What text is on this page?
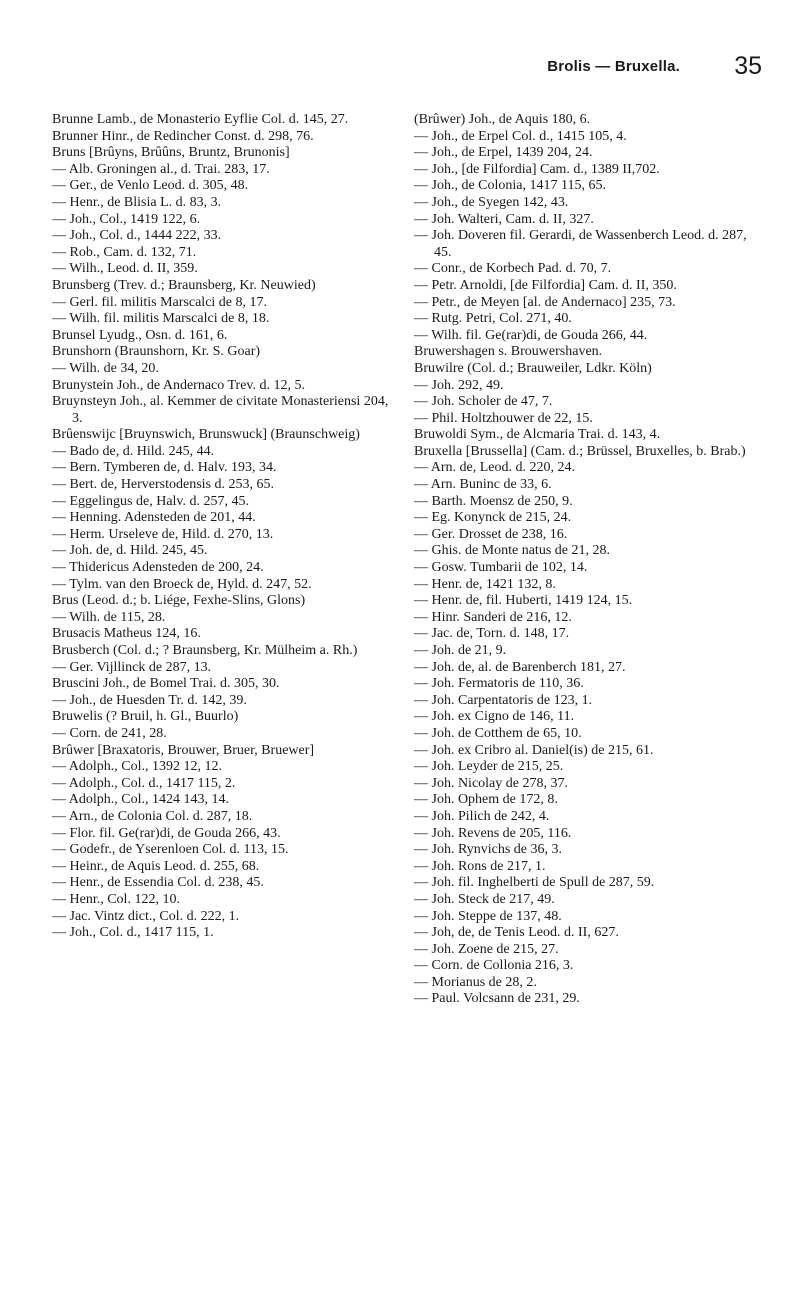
Brolis — Bruxella. 35

Brunne Lamb., de Monasterio Eyflie Col. d. 145, 27.

Brunner Hinr., de Redincher Const. d. 298, 76.

Bruns [Brûyns, Brûûns, Bruntz, Brunonis]

— Alb. Groningen al., d. Trai. 283, 17.

— Ger., de Venlo Leod. d. 305, 48.

— Henr., de Blisia L. d. 83, 3.

— Joh., Col., 1419 122, 6.

— Joh., Col. d., 1444 222, 33.

— Rob., Cam. d. 132, 71.

— Wilh., Leod. d. II, 359.

Brunsberg (Trev. d.; Braunsberg, Kr. Neuwied)

— Gerl. fil. militis Marscalci de 8, 17.

— Wilh. fil. militis Marscalci de 8, 18.

Brunsel Lyudg., Osn. d. 161, 6.

Brunshorn (Braunshorn, Kr. S. Goar)

— Wilh. de 34, 20.

Brunystein Joh., de Andernaco Trev. d. 12, 5.

Bruynsteyn Joh., al. Kemmer de civitate Monasteriensi 204, 3.

Brûenswijc [Bruynswich, Brunswuck] (Braunschweig)

— Bado de, d. Hild. 245, 44.

— Bern. Tymberen de, d. Halv. 193, 34.

— Bert. de, Herverstodensis d. 253, 65.

— Eggelingus de, Halv. d. 257, 45.

— Henning. Adensteden de 201, 44.

— Herm. Urseleve de, Hild. d. 270, 13.

— Joh. de, d. Hild. 245, 45.

— Thidericus Adensteden de 200, 24.

— Tylm. van den Broeck de, Hyld. d. 247, 52.

Brus (Leod. d.; b. Liége, Fexhe-Slins, Glons)

— Wilh. de 115, 28.

Brusacis Matheus 124, 16.

Brusberch (Col. d.; ? Braunsberg, Kr. Mülheim a. Rh.)

— Ger. Vijllinck de 287, 13.

Bruscini Joh., de Bomel Trai. d. 305, 30.

— Joh., de Huesden Tr. d. 142, 39.

Bruwelis (? Bruil, h. Gl., Buurlo)

— Corn. de 241, 28.

Brûwer [Braxatoris, Brouwer, Bruer, Bruewer]

— Adolph., Col., 1392 12, 12.

— Adolph., Col. d., 1417 115, 2.

— Adolph., Col., 1424 143, 14.

— Arn., de Colonia Col. d. 287, 18.

— Flor. fil. Ge(rar)di, de Gouda 266, 43.

— Godefr., de Yserenloen Col. d. 113, 15.

— Heinr., de Aquis Leod. d. 255, 68.

— Henr., de Essendia Col. d. 238, 45.

— Henr., Col. 122, 10.

— Jac. Vintz dict., Col. d. 222, 1.

— Joh., Col. d., 1417 115, 1.

(Brûwer) Joh., de Aquis 180, 6.

— Joh., de Erpel Col. d., 1415 105, 4.

— Joh., de Erpel, 1439 204, 24.

— Joh., [de Filfordia] Cam. d., 1389 II,702.

— Joh., de Colonia, 1417 115, 65.

— Joh., de Syegen 142, 43.

— Joh. Walteri, Cam. d. II, 327.

— Joh. Doveren fil. Gerardi, de Wassenberch Leod. d. 287, 45.

— Conr., de Korbech Pad. d. 70, 7.

— Petr. Arnoldi, [de Filfordia] Cam. d. II, 350.

— Petr., de Meyen [al. de Andernaco] 235, 73.

— Rutg. Petri, Col. 271, 40.

— Wilh. fil. Ge(rar)di, de Gouda 266, 44.

Bruwershagen s. Brouwershaven.

Bruwilre (Col. d.; Brauweiler, Ldkr. Köln)

— Joh. 292, 49.

— Joh. Scholer de 47, 7.

— Phil. Holtzhouwer de 22, 15.

Bruwoldi Sym., de Alcmaria Trai. d. 143, 4.

Bruxella [Brussella] (Cam. d.; Brüssel, Bruxelles, b. Brab.)

— Arn. de, Leod. d. 220, 24.

— Arn. Buninc de 33, 6.

— Barth. Moensz de 250, 9.

— Eg. Konynck de 215, 24.

— Ger. Drosset de 238, 16.

— Ghis. de Monte natus de 21, 28.

— Gosw. Tumbarii de 102, 14.

— Henr. de, 1421 132, 8.

— Henr. de, fil. Huberti, 1419 124, 15.

— Hinr. Sanderi de 216, 12.

— Jac. de, Torn. d. 148, 17.

— Joh. de 21, 9.

— Joh. de, al. de Barenberch 181, 27.

— Joh. Fermatoris de 110, 36.

— Joh. Carpentatoris de 123, 1.

— Joh. ex Cigno de 146, 11.

— Joh. de Cotthem de 65, 10.

— Joh. ex Cribro al. Daniel(is) de 215, 61.

— Joh. Leyder de 215, 25.

— Joh. Nicolay de 278, 37.

— Joh. Ophem de 172, 8.

— Joh. Pilich de 242, 4.

— Joh. Revens de 205, 116.

— Joh. Rynvichs de 36, 3.

— Joh. Rons de 217, 1.

— Joh. fil. Inghelberti de Spull de 287, 59.

— Joh. Steck de 217, 49.

— Joh. Steppe de 137, 48.

— Joh, de, de Tenis Leod. d. II, 627.

— Joh. Zoene de 215, 27.

— Corn. de Collonia 216, 3.

— Morianus de 28, 2.

— Paul. Volcsann de 231, 29.
